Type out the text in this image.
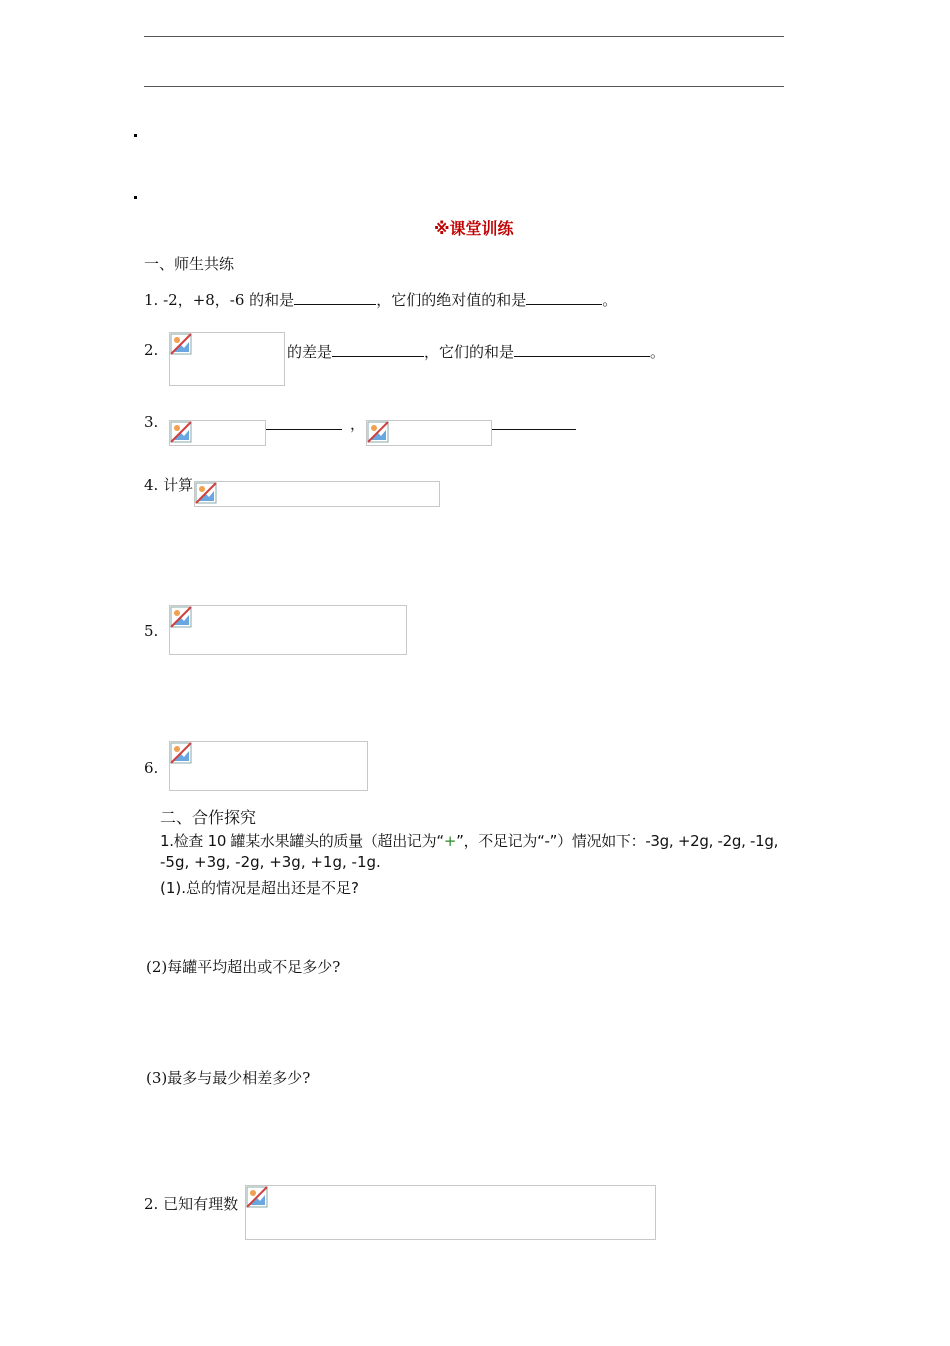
※课堂训练
一、师生共练
1. -2，+8，-6 的和是	，它们的绝对值的和是	。
2.	的差是	，它们的和是	。
3.	，
4. 计算
5.
6.
二、合作探究
1.检查 10 罐某水果罐头的质量（超出记为“+”，不足记为“-”）情况如下：-3g, +2g, -2g, -1g,
-5g, +3g, -2g, +3g, +1g, -1g.
(1).总的情况是超出还是不足?
(2)每罐平均超出或不足多少?
(3)最多与最少相差多少?
2. 已知有理数
